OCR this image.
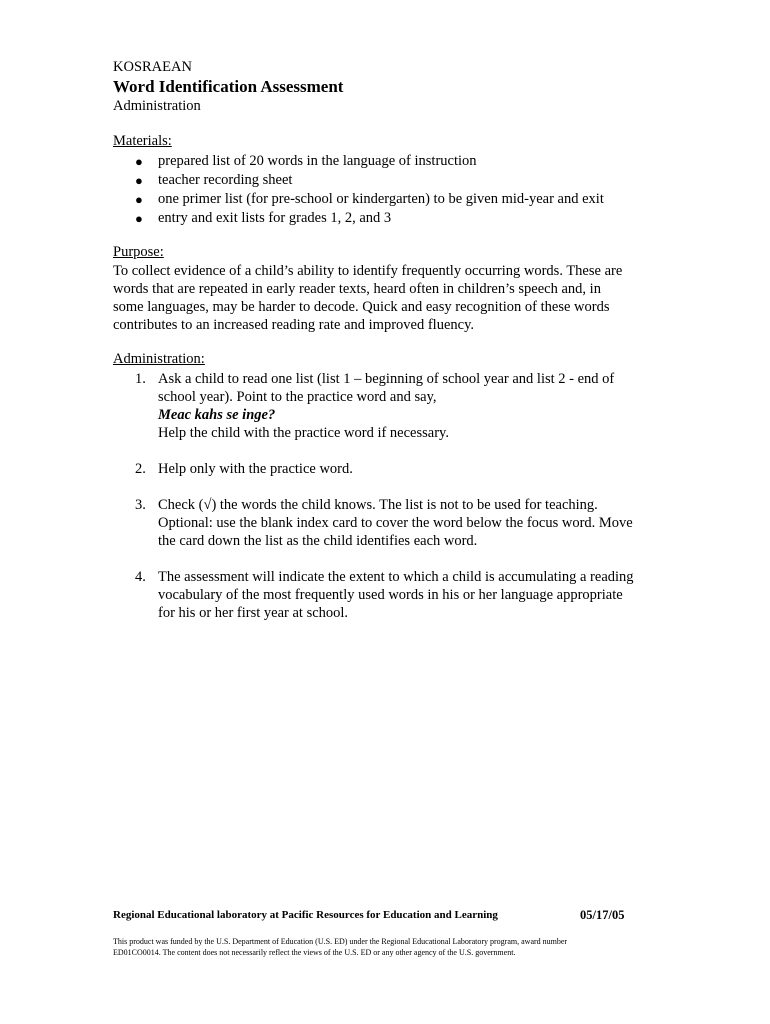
KOSRAEAN
Word Identification Assessment
Administration
Materials:
● prepared list of 20 words in the language of instruction
● teacher recording sheet
● one primer list (for pre-school or kindergarten) to be given mid-year and exit
● entry and exit lists for grades 1, 2, and 3
Purpose:
To collect evidence of a child’s ability to identify frequently occurring words. These are
words that are repeated in early reader texts, heard often in children’s speech and, in
some languages, may be harder to decode. Quick and easy recognition of these words
contributes to an increased reading rate and improved fluency.
Administration:
1. Ask a child to read one list (list 1 – beginning of school year and list 2 - end of
school year). Point to the practice word and say,
Meac kahs se inge?
Help the child with the practice word if necessary.
2. Help only with the practice word.
3. Check (√) the words the child knows. The list is not to be used for teaching.
Optional: use the blank index card to cover the word below the focus word. Move
the card down the list as the child identifies each word.
4. The assessment will indicate the extent to which a child is accumulating a reading
vocabulary of the most frequently used words in his or her language appropriate
for his or her first year at school.
Regional Educational laboratory at Pacific Resources for Education and Learning	05/17/05
This product was funded by the U.S. Department of Education (U.S. ED) under the Regional Educational Laboratory program, award number
ED01CO0014. The content does not necessarily reflect the views of the U.S. ED or any other agency of the U.S. government.
